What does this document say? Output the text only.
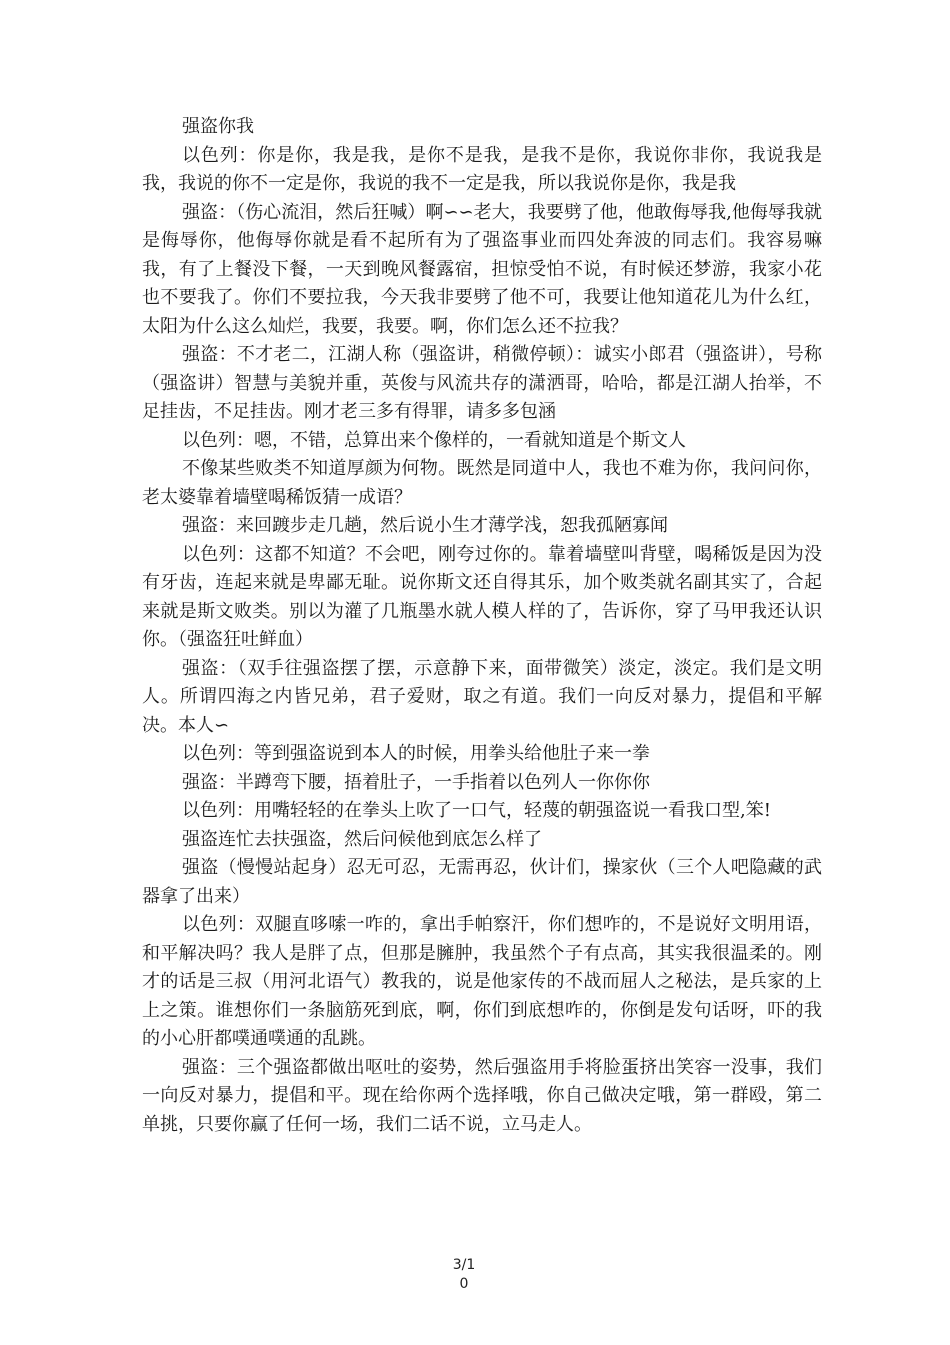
强盗你我

以色列：你是你，我是我，是你不是我，是我不是你，我说你非你，我说我是我，我说的你不一定是你，我说的我不一定是我，所以我说你是你，我是我

强盗：（伤心流泪，然后狂喊）啊∽∽老大，我要劈了他，他敢侮辱我,他侮辱我就是侮辱你，他侮辱你就是看不起所有为了强盗事业而四处奔波的同志们。我容易嘛我，有了上餐没下餐，一天到晚风餐露宿，担惊受怕不说，有时候还梦游，我家小花也不要我了。你们不要拉我，今天我非要劈了他不可，我要让他知道花儿为什么红，太阳为什么这么灿烂，我要，我要。啊，你们怎么还不拉我？

强盗：不才老二，江湖人称（强盗讲，稍微停顿）：诚实小郎君（强盗讲），号称（强盗讲）智慧与美貌并重，英俊与风流共存的潇洒哥，哈哈，都是江湖人抬举，不足挂齿，不足挂齿。刚才老三多有得罪，请多多包涵

以色列：嗯，不错，总算出来个像样的，一看就知道是个斯文人

不像某些败类不知道厚颜为何物。既然是同道中人，我也不难为你，我问问你，老太婆靠着墙壁喝稀饭猜一成语？

强盗：来回踱步走几趟，然后说小生才薄学浅，恕我孤陋寡闻

以色列：这都不知道？不会吧，刚夸过你的。靠着墙壁叫背壁，喝稀饭是因为没有牙齿，连起来就是卑鄙无耻。说你斯文还自得其乐，加个败类就名副其实了，合起来就是斯文败类。别以为灌了几瓶墨水就人模人样的了，告诉你，穿了马甲我还认识你。（强盗狂吐鲜血）

强盗：（双手往强盗摆了摆，示意静下来，面带微笑）淡定，淡定。我们是文明人。所谓四海之内皆兄弟，君子爱财，取之有道。我们一向反对暴力，提倡和平解决。本人∽

以色列：等到强盗说到本人的时候，用拳头给他肚子来一拳

强盗：半蹲弯下腰，捂着肚子，一手指着以色列人一你你你

以色列：用嘴轻轻的在拳头上吹了一口气，轻蔑的朝强盗说一看我口型,笨!

强盗连忙去扶强盗，然后问候他到底怎么样了

强盗（慢慢站起身）忍无可忍，无需再忍，伙计们，操家伙（三个人吧隐藏的武器拿了出来）

以色列：双腿直哆嗦一咋的，拿出手帕察汗，你们想咋的，不是说好文明用语，和平解决吗？我人是胖了点，但那是臃肿，我虽然个子有点高，其实我很温柔的。刚才的话是三叔（用河北语气）教我的，说是他家传的不战而屈人之秘法，是兵家的上上之策。谁想你们一条脑筋死到底，啊，你们到底想咋的，你倒是发句话呀，吓的我的小心肝都噗通噗通的乱跳。

强盗：三个强盗都做出呕吐的姿势，然后强盗用手将脸蛋挤出笑容一没事，我们一向反对暴力，提倡和平。现在给你两个选择哦，你自己做决定哦，第一群殴，第二单挑，只要你赢了任何一场，我们二话不说，立马走人。

3/1
0
